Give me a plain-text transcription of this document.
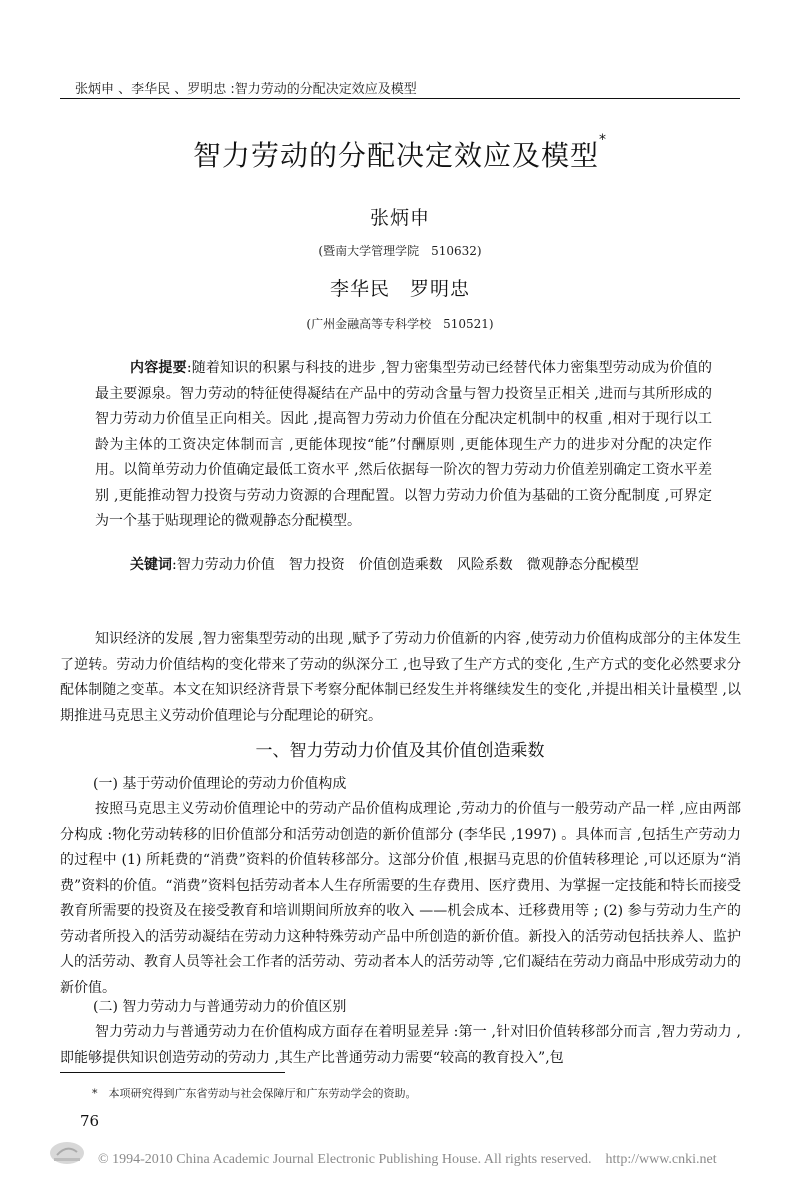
张炳申 、李华民 、罗明忠 :智力劳动的分配决定效应及模型
智力劳动的分配决定效应及模型*
张炳申
(暨南大学管理学院　510632)
李华民　罗明忠
(广州金融高等专科学校　510521)

内容提要:随着知识的积累与科技的进步 ,智力密集型劳动已经替代体力密集型劳动成为价值的最主要源泉。智力劳动的特征使得凝结在产品中的劳动含量与智力投资呈正相关 ,进而与其所形成的智力劳动力价值呈正向相关。因此 ,提高智力劳动力价值在分配决定机制中的权重 ,相对于现行以工龄为主体的工资决定体制而言 ,更能体现按“能”付酬原则 ,更能体现生产力的进步对分配的决定作用。以简单劳动力价值确定最低工资水平 ,然后依据每一阶次的智力劳动力价值差别确定工资水平差别 ,更能推动智力投资与劳动力资源的合理配置。以智力劳动力价值为基础的工资分配制度 ,可界定为一个基于贴现理论的微观静态分配模型。

关键词:智力劳动力价值　智力投资　价值创造乘数　风险系数　微观静态分配模型

知识经济的发展 ,智力密集型劳动的出现 ,赋予了劳动力价值新的内容 ,使劳动力价值构成部分的主体发生了逆转。劳动力价值结构的变化带来了劳动的纵深分工 ,也导致了生产方式的变化 ,生产方式的变化必然要求分配体制随之变革。本文在知识经济背景下考察分配体制已经发生并将继续发生的变化 ,并提出相关计量模型 ,以期推进马克思主义劳动价值理论与分配理论的研究。

一、智力劳动力价值及其价值创造乘数
(一) 基于劳动价值理论的劳动力价值构成

按照马克思主义劳动价值理论中的劳动产品价值构成理论 ,劳动力的价值与一般劳动产品一样 ,应由两部分构成 :物化劳动转移的旧价值部分和活劳动创造的新价值部分 (李华民 ,1997) 。具体而言 ,包括生产劳动力的过程中 (1) 所耗费的“消费”资料的价值转移部分。这部分价值 ,根据马克思的价值转移理论 ,可以还原为“消费”资料的价值。“消费”资料包括劳动者本人生存所需要的生存费用、医疗费用、为掌握一定技能和特长而接受教育所需要的投资及在接受教育和培训期间所放弃的收入 ——机会成本、迁移费用等 ; (2) 参与劳动力生产的劳动者所投入的活劳动凝结在劳动力这种特殊劳动产品中所创造的新价值。新投入的活劳动包括扶养人、监护人的活劳动、教育人员等社会工作者的活劳动、劳动者本人的活劳动等 ,它们凝结在劳动力商品中形成劳动力的新价值。

(二) 智力劳动力与普通劳动力的价值区别

智力劳动力与普通劳动力在价值构成方面存在着明显差异 :第一 ,针对旧价值转移部分而言 ,智力劳动力 ,即能够提供知识创造劳动的劳动力 ,其生产比普通劳动力需要“较高的教育投入”,包

*　本项研究得到广东省劳动与社会保障厅和广东劳动学会的资助。
76
© 1994-2010 China Academic Journal Electronic Publishing House. All rights reserved.　http://www.cnki.net
